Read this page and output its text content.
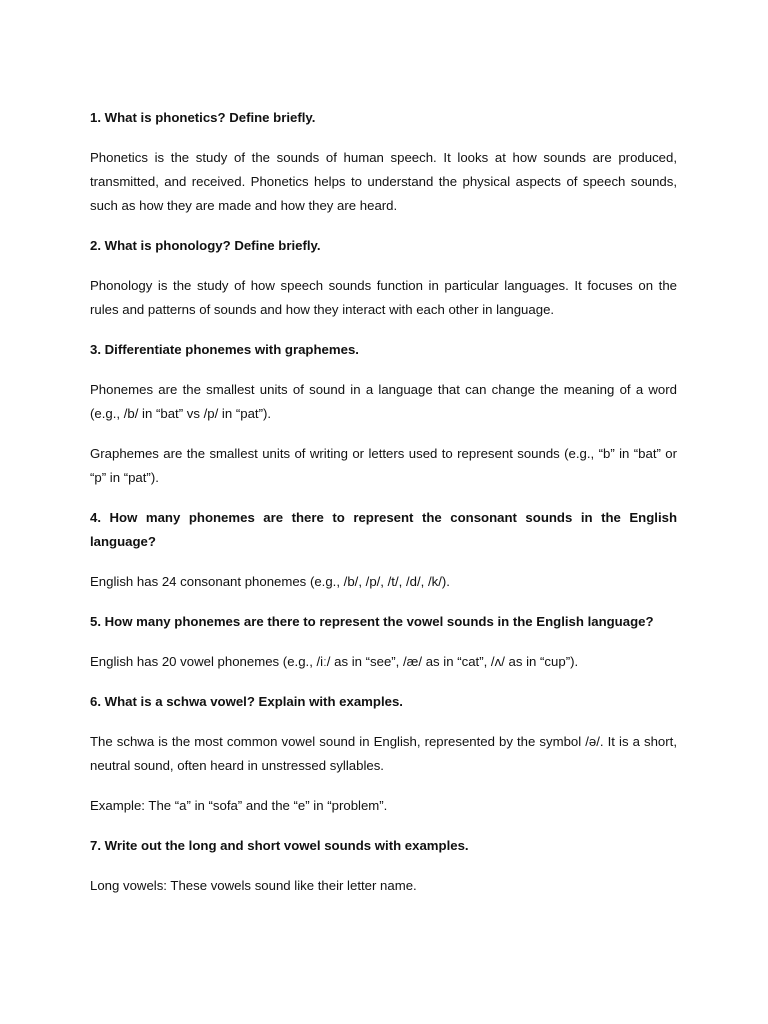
1. What is phonetics? Define briefly.
Phonetics is the study of the sounds of human speech. It looks at how sounds are produced, transmitted, and received. Phonetics helps to understand the physical aspects of speech sounds, such as how they are made and how they are heard.
2. What is phonology? Define briefly.
Phonology is the study of how speech sounds function in particular languages. It focuses on the rules and patterns of sounds and how they interact with each other in language.
3. Differentiate phonemes with graphemes.
Phonemes are the smallest units of sound in a language that can change the meaning of a word (e.g., /b/ in “bat” vs /p/ in “pat”).
Graphemes are the smallest units of writing or letters used to represent sounds (e.g., “b” in “bat” or “p” in “pat”).
4. How many phonemes are there to represent the consonant sounds in the English language?
English has 24 consonant phonemes (e.g., /b/, /p/, /t/, /d/, /k/).
5. How many phonemes are there to represent the vowel sounds in the English language?
English has 20 vowel phonemes (e.g., /iː/ as in “see”, /æ/ as in “cat”, /ʌ/ as in “cup”).
6. What is a schwa vowel? Explain with examples.
The schwa is the most common vowel sound in English, represented by the symbol /ə/. It is a short, neutral sound, often heard in unstressed syllables.
Example: The “a” in “sofa” and the “e” in “problem”.
7. Write out the long and short vowel sounds with examples.
Long vowels: These vowels sound like their letter name.
